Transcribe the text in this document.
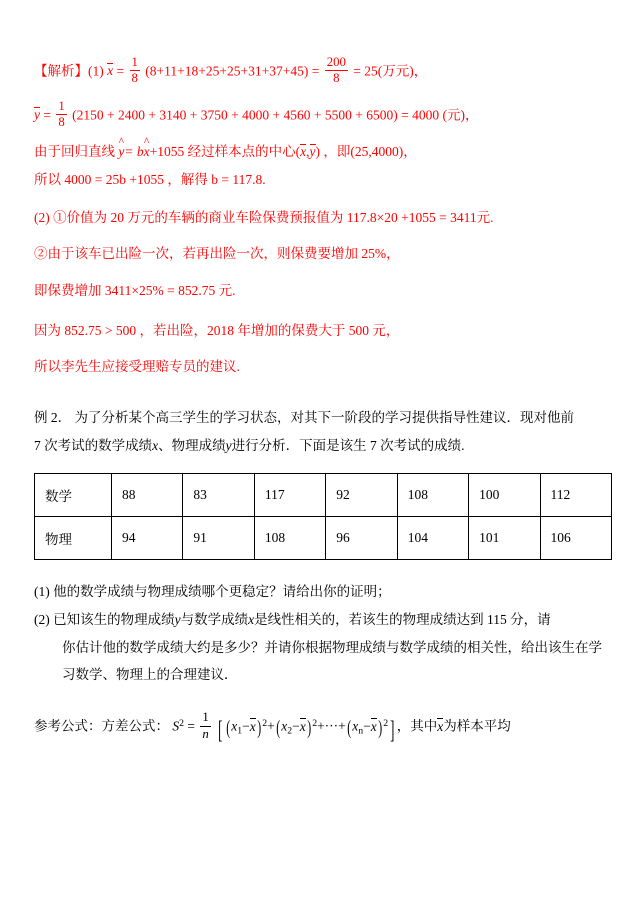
【解析】(1) $x = \frac{1}{8} (8+11+18+25+25+31+37+45) = \frac{200}{8} = 25$(万元)，
$y = \frac{1}{8} (2150 + 2400 + 3140 + 3750 + 4000 + 4560 + 5500 + 6500) = 4000$ (元)，
由于回归直线 ^ y= b^ x+1055 经过样本点的中心(x,y) ，即(25,4000)，
所以 4000 = 25b +1055 ，解得 b = 117.8.
(2) ①价值为 20 万元的车辆的商业车险保费预报值为 117.8×20 +1055 = 3411元.
②由于该车已出险一次，若再出险一次，则保费要增加 25%，
即保费增加 3411×25% = 852.75 元.
因为 852.75 > 500 ，若出险，2018 年增加的保费大于 500 元，
所以李先生应接受理赔专员的建议.
例 2． 为了分析某个高三学生的学习状态，对其下一阶段的学习提供指导性建议．现对他前
7 次考试的数学成绩x、物理成绩y进行分析．下面是该生 7 次考试的成绩.
数学	88	83	117	92	108	100	112
物理	94	91	108	96	104	101	106
(1) 他的数学成绩与物理成绩哪个更稳定？请给出你的证明；
(2) 已知该生的物理成绩y与数学成绩x是线性相关的，若该生的物理成绩达到 115 分，请
你估计他的数学成绩大约是多少？并请你根据物理成绩与数学成绩的相关性，给出该生在学
习数学、物理上的合理建议．
参考公式：方差公式： $S^2 = \frac{1}{n}$ [ $(x_1-x)^2+(x_2-x)^2+\cdot\cdot\cdot+(x_n-x)^2$] ，其中x为样本平均
